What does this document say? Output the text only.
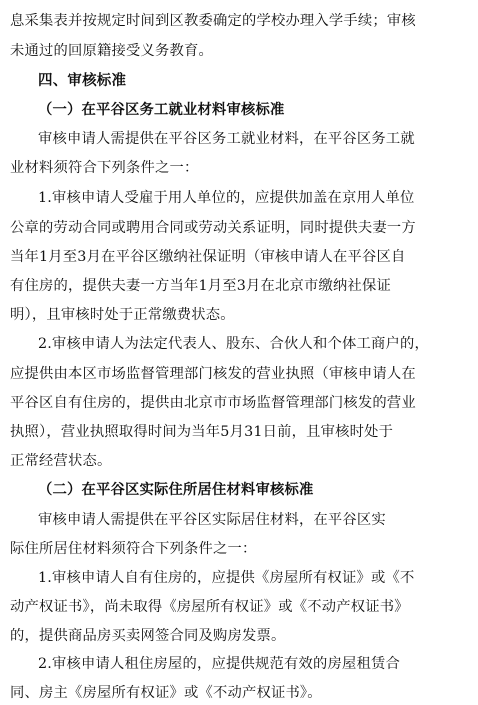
息采集表并按规定时间到区教委确定的学校办理入学手续；审核
未通过的回原籍接受义务教育。
四、审核标准
（一）在平谷区务工就业材料审核标准
审核申请人需提供在平谷区务工就业材料，在平谷区务工就
业材料须符合下列条件之一：
1.审核申请人受雇于用人单位的，应提供加盖在京用人单位
公章的劳动合同或聘用合同或劳动关系证明，同时提供夫妻一方
当年1月至3月在平谷区缴纳社保证明（审核申请人在平谷区自
有住房的，提供夫妻一方当年1月至3月在北京市缴纳社保证
明），且审核时处于正常缴费状态。
2.审核申请人为法定代表人、股东、合伙人和个体工商户的，
应提供由本区市场监督管理部门核发的营业执照（审核申请人在
平谷区自有住房的，提供由北京市市场监督管理部门核发的营业
执照），营业执照取得时间为当年5月31日前，且审核时处于
正常经营状态。
（二）在平谷区实际住所居住材料审核标准
审核申请人需提供在平谷区实际居住材料，在平谷区实
际住所居住材料须符合下列条件之一：
1.审核申请人自有住房的，应提供《房屋所有权证》或《不
动产权证书》，尚未取得《房屋所有权证》或《不动产权证书》
的，提供商品房买卖网签合同及购房发票。
2.审核申请人租住房屋的，应提供规范有效的房屋租赁合
同、房主《房屋所有权证》或《不动产权证书》。
